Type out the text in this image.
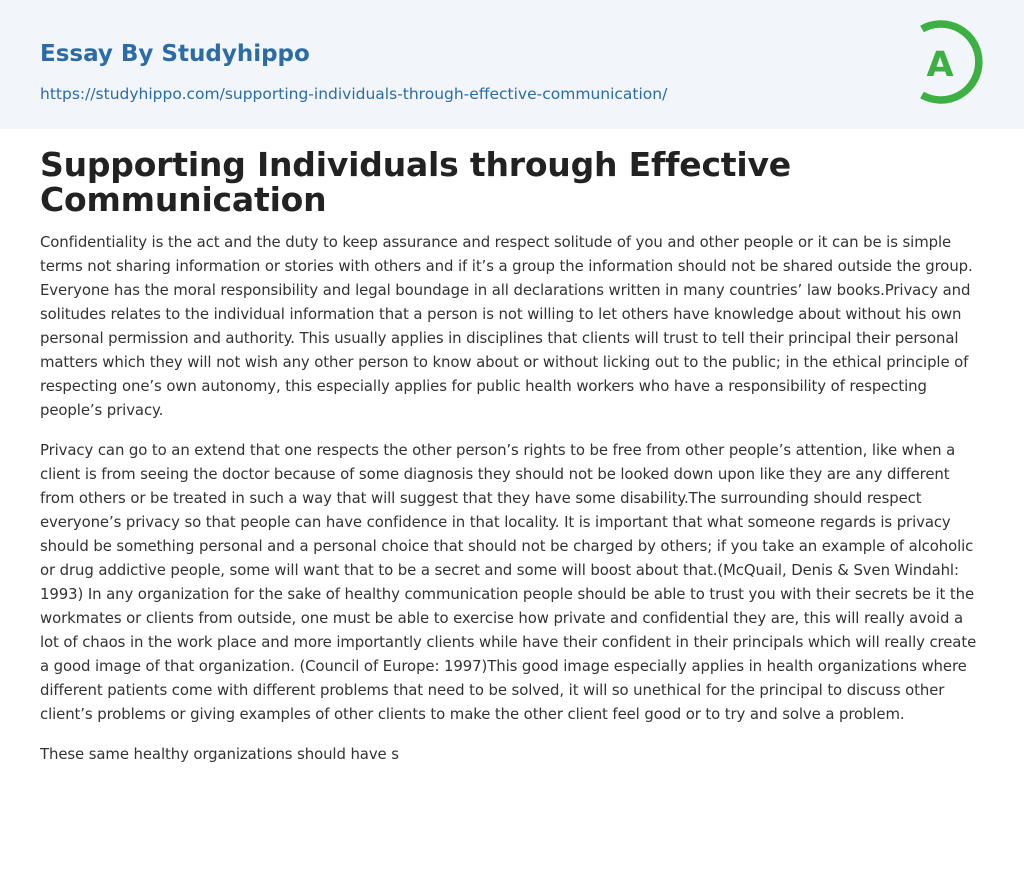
Essay By Studyhippo
https://studyhippo.com/supporting-individuals-through-effective-communication/
A
Supporting Individuals through Effective Communication

Confidentiality is the act and the duty to keep assurance and respect solitude of you and other people or it can be is simple terms not sharing information or stories with others and if it’s a group the information should not be shared outside the group. Everyone has the moral responsibility and legal boundage in all declarations written in many countries’ law books.Privacy and solitudes relates to the individual information that a person is not willing to let others have knowledge about without his own personal permission and authority. This usually applies in disciplines that clients will trust to tell their principal their personal matters which they will not wish any other person to know about or without licking out to the public; in the ethical principle of respecting one’s own autonomy, this especially applies for public health workers who have a responsibility of respecting people’s privacy.

Privacy can go to an extend that one respects the other person’s rights to be free from other people’s attention, like when a client is from seeing the doctor because of some diagnosis they should not be looked down upon like they are any different from others or be treated in such a way that will suggest that they have some disability.The surrounding should respect everyone’s privacy so that people can have confidence in that locality. It is important that what someone regards is privacy should be something personal and a personal choice that should not be charged by others; if you take an example of alcoholic or drug addictive people, some will want that to be a secret and some will boost about that.(McQuail, Denis & Sven Windahl: 1993) In any organization for the sake of healthy communication people should be able to trust you with their secrets be it the workmates or clients from outside, one must be able to exercise how private and confidential they are, this will really avoid a lot of chaos in the work place and more importantly clients while have their confident in their principals which will really create a good image of that organization. (Council of Europe: 1997)This good image especially applies in health organizations where different patients come with different problems that need to be solved, it will so unethical for the principal to discuss other client’s problems or giving examples of other clients to make the other client feel good or to try and solve a problem.

These same healthy organizations should have s
